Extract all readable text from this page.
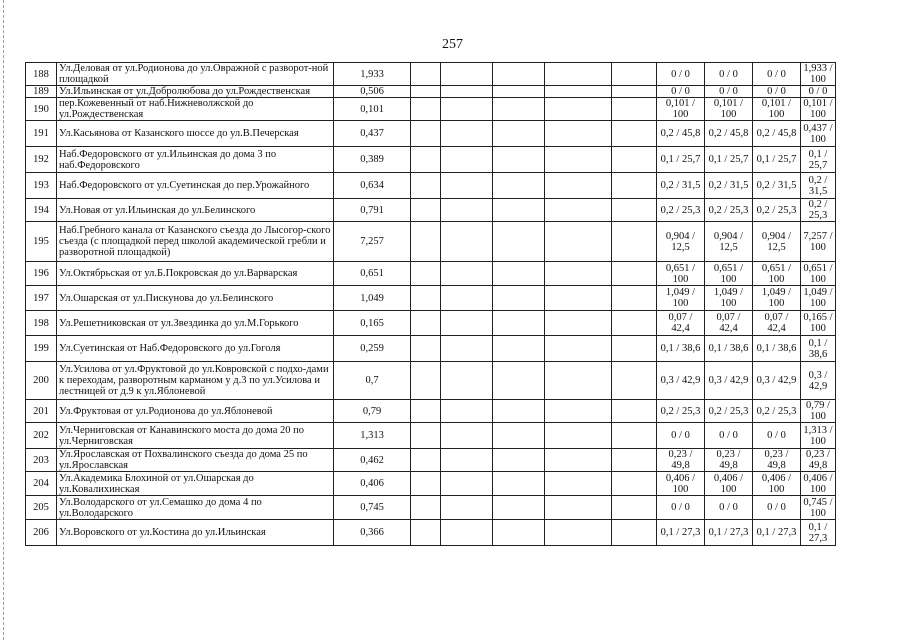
257
188	Ул.Деловая от ул.Родионова до ул.Овражной с разворот-ной площадкой	1,933						0 / 0	0 / 0	0 / 0	1,933 / 100
189	Ул.Ильинская от ул.Добролюбова до ул.Рождественская	0,506						0 / 0	0 / 0	0 / 0	0 / 0
190	пер.Кожевенный от наб.Нижневолжской до ул.Рождественская	0,101						0,101 / 100	0,101 / 100	0,101 / 100	0,101 / 100
191	Ул.Касьянова от Казанского шоссе до ул.В.Печерская	0,437						0,2 / 45,8	0,2 / 45,8	0,2 / 45,8	0,437 / 100
192	Наб.Федоровского от ул.Ильинская до дома 3 по наб.Федоровского	0,389						0,1 / 25,7	0,1 / 25,7	0,1 / 25,7	0,1 / 25,7
193	Наб.Федоровского от ул.Суетинская до пер.Урожайного	0,634						0,2 / 31,5	0,2 / 31,5	0,2 / 31,5	0,2 / 31,5
194	Ул.Новая от ул.Ильинская до ул.Белинского	0,791						0,2 / 25,3	0,2 / 25,3	0,2 / 25,3	0,2 / 25,3
195	Наб.Гребного канала от Казанского съезда до Лысогор-ского съезда (с площадкой перед школой академической гребли и разворотной площадкой)	7,257						0,904 / 12,5	0,904 / 12,5	0,904 / 12,5	7,257 / 100
196	Ул.Октябрьская от ул.Б.Покровская до ул.Варварская	0,651						0,651 / 100	0,651 / 100	0,651 / 100	0,651 / 100
197	Ул.Ошарская от ул.Пискунова до ул.Белинского	1,049						1,049 / 100	1,049 / 100	1,049 / 100	1,049 / 100
198	Ул.Решетниковская от ул.Звездинка до ул.М.Горького	0,165						0,07 / 42,4	0,07 / 42,4	0,07 / 42,4	0,165 / 100
199	Ул.Суетинская от Наб.Федоровского до ул.Гоголя	0,259						0,1 / 38,6	0,1 / 38,6	0,1 / 38,6	0,1 / 38,6
200	Ул.Усилова от ул.Фруктовой до ул.Ковровской с подхо-дами к переходам, разворотным карманом у д.3 по ул.Усилова и лестницей от д.9 к ул.Яблоневой	0,7						0,3 / 42,9	0,3 / 42,9	0,3 / 42,9	0,3 / 42,9
201	Ул.Фруктовая от ул.Родионова до ул.Яблоневой	0,79						0,2 / 25,3	0,2 / 25,3	0,2 / 25,3	0,79 / 100
202	Ул.Черниговская от Канавинского моста до дома 20 по ул.Черниговская	1,313						0 / 0	0 / 0	0 / 0	1,313 / 100
203	Ул.Ярославская от Похвалинского съезда до дома 25 по ул.Ярославская	0,462						0,23 / 49,8	0,23 / 49,8	0,23 / 49,8	0,23 / 49,8
204	Ул.Академика Блохиной от ул.Ошарская до ул.Ковалихинская	0,406						0,406 / 100	0,406 / 100	0,406 / 100	0,406 / 100
205	Ул.Володарского от ул.Семашко до дома 4 по ул.Володарского	0,745						0 / 0	0 / 0	0 / 0	0,745 / 100
206	Ул.Воровского от ул.Костина до ул.Ильинская	0,366						0,1 / 27,3	0,1 / 27,3	0,1 / 27,3	0,1 / 27,3
